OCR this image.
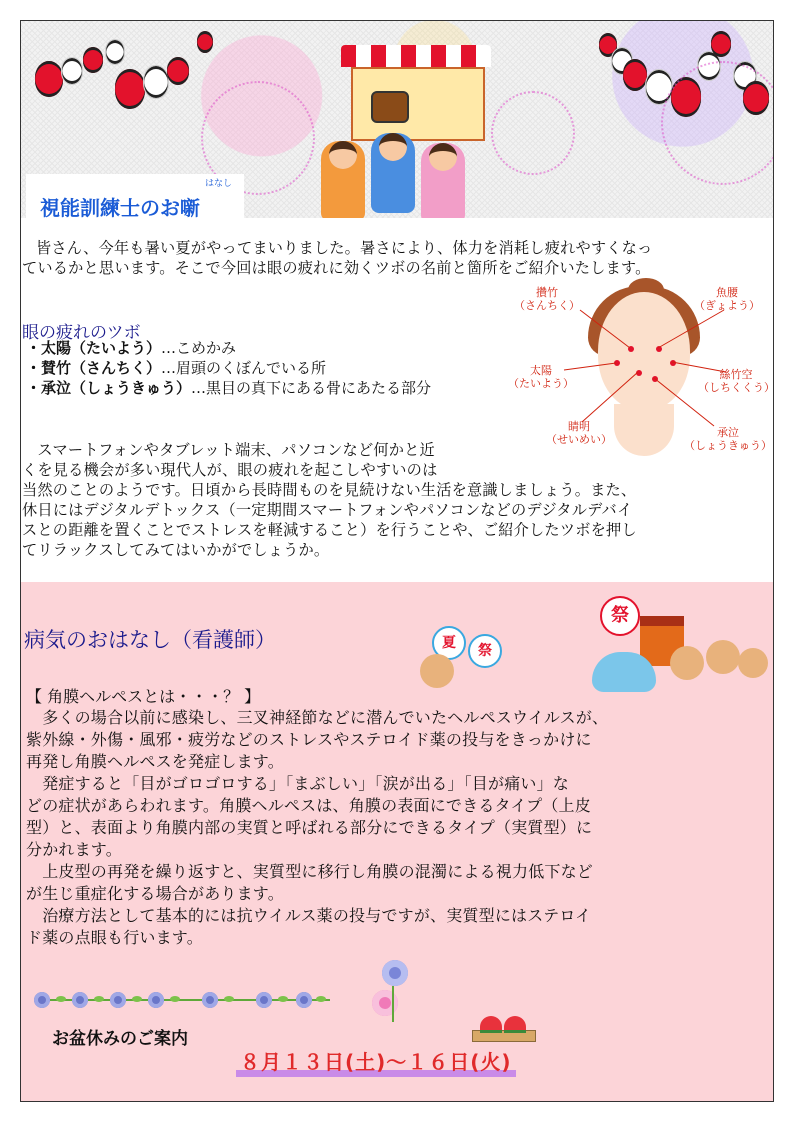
はなし
視能訓練士のお噺
皆さん、今年も暑い夏がやってまいりました。暑さにより、体力を消耗し疲れやすくなっ
ているかと思います。そこで今回は眼の疲れに効くツボの名前と箇所をご紹介いたします。
眼の疲れのツボ
・太陽（たいよう）…こめかみ
・賛竹（さんちく）…眉頭のくぼんでいる所
・承泣（しょうきゅう）…黒目の真下にある骨にあたる部分
攢竹
（さんちく）
魚腰
（ぎょよう）
太陽
（たいよう）
絲竹空
（しちくくう）
睛明
（せいめい）
承泣
（しょうきゅう）
　スマートフォンやタブレット端末、パソコンなど何かと近
くを見る機会が多い現代人が、眼の疲れを起こしやすいのは
当然のことのようです。日頃から長時間ものを見続けない生活を意識しましょう。また、
休日にはデジタルデトックス（一定期間スマートフォンやパソコンなどのデジタルデバイ
スとの距離を置くことでストレスを軽減すること）を行うことや、ご紹介したツボを押し
てリラックスしてみてはいかがでしょうか。
病気のおはなし（看護師）	夏	祭
祭
【 角膜ヘルペスとは・・・？ 】
　多くの場合以前に感染し、三叉神経節などに潜んでいたヘルペスウイルスが、
紫外線・外傷・風邪・疲労などのストレスやステロイド薬の投与をきっかけに
再発し角膜ヘルペスを発症します。
　発症すると「目がゴロゴロする」「まぶしい」「涙が出る」「目が痛い」な
どの症状があらわれます。角膜ヘルペスは、角膜の表面にできるタイプ（上皮
型）と、表面より角膜内部の実質と呼ばれる部分にできるタイプ（実質型）に
分かれます。
　上皮型の再発を繰り返すと、実質型に移行し角膜の混濁による視力低下など
が生じ重症化する場合があります。
　治療方法として基本的には抗ウイルス薬の投与ですが、実質型にはステロイ
ド薬の点眼も行います。
お盆休みのご案内
８月１３日(土)～１６日(火)
